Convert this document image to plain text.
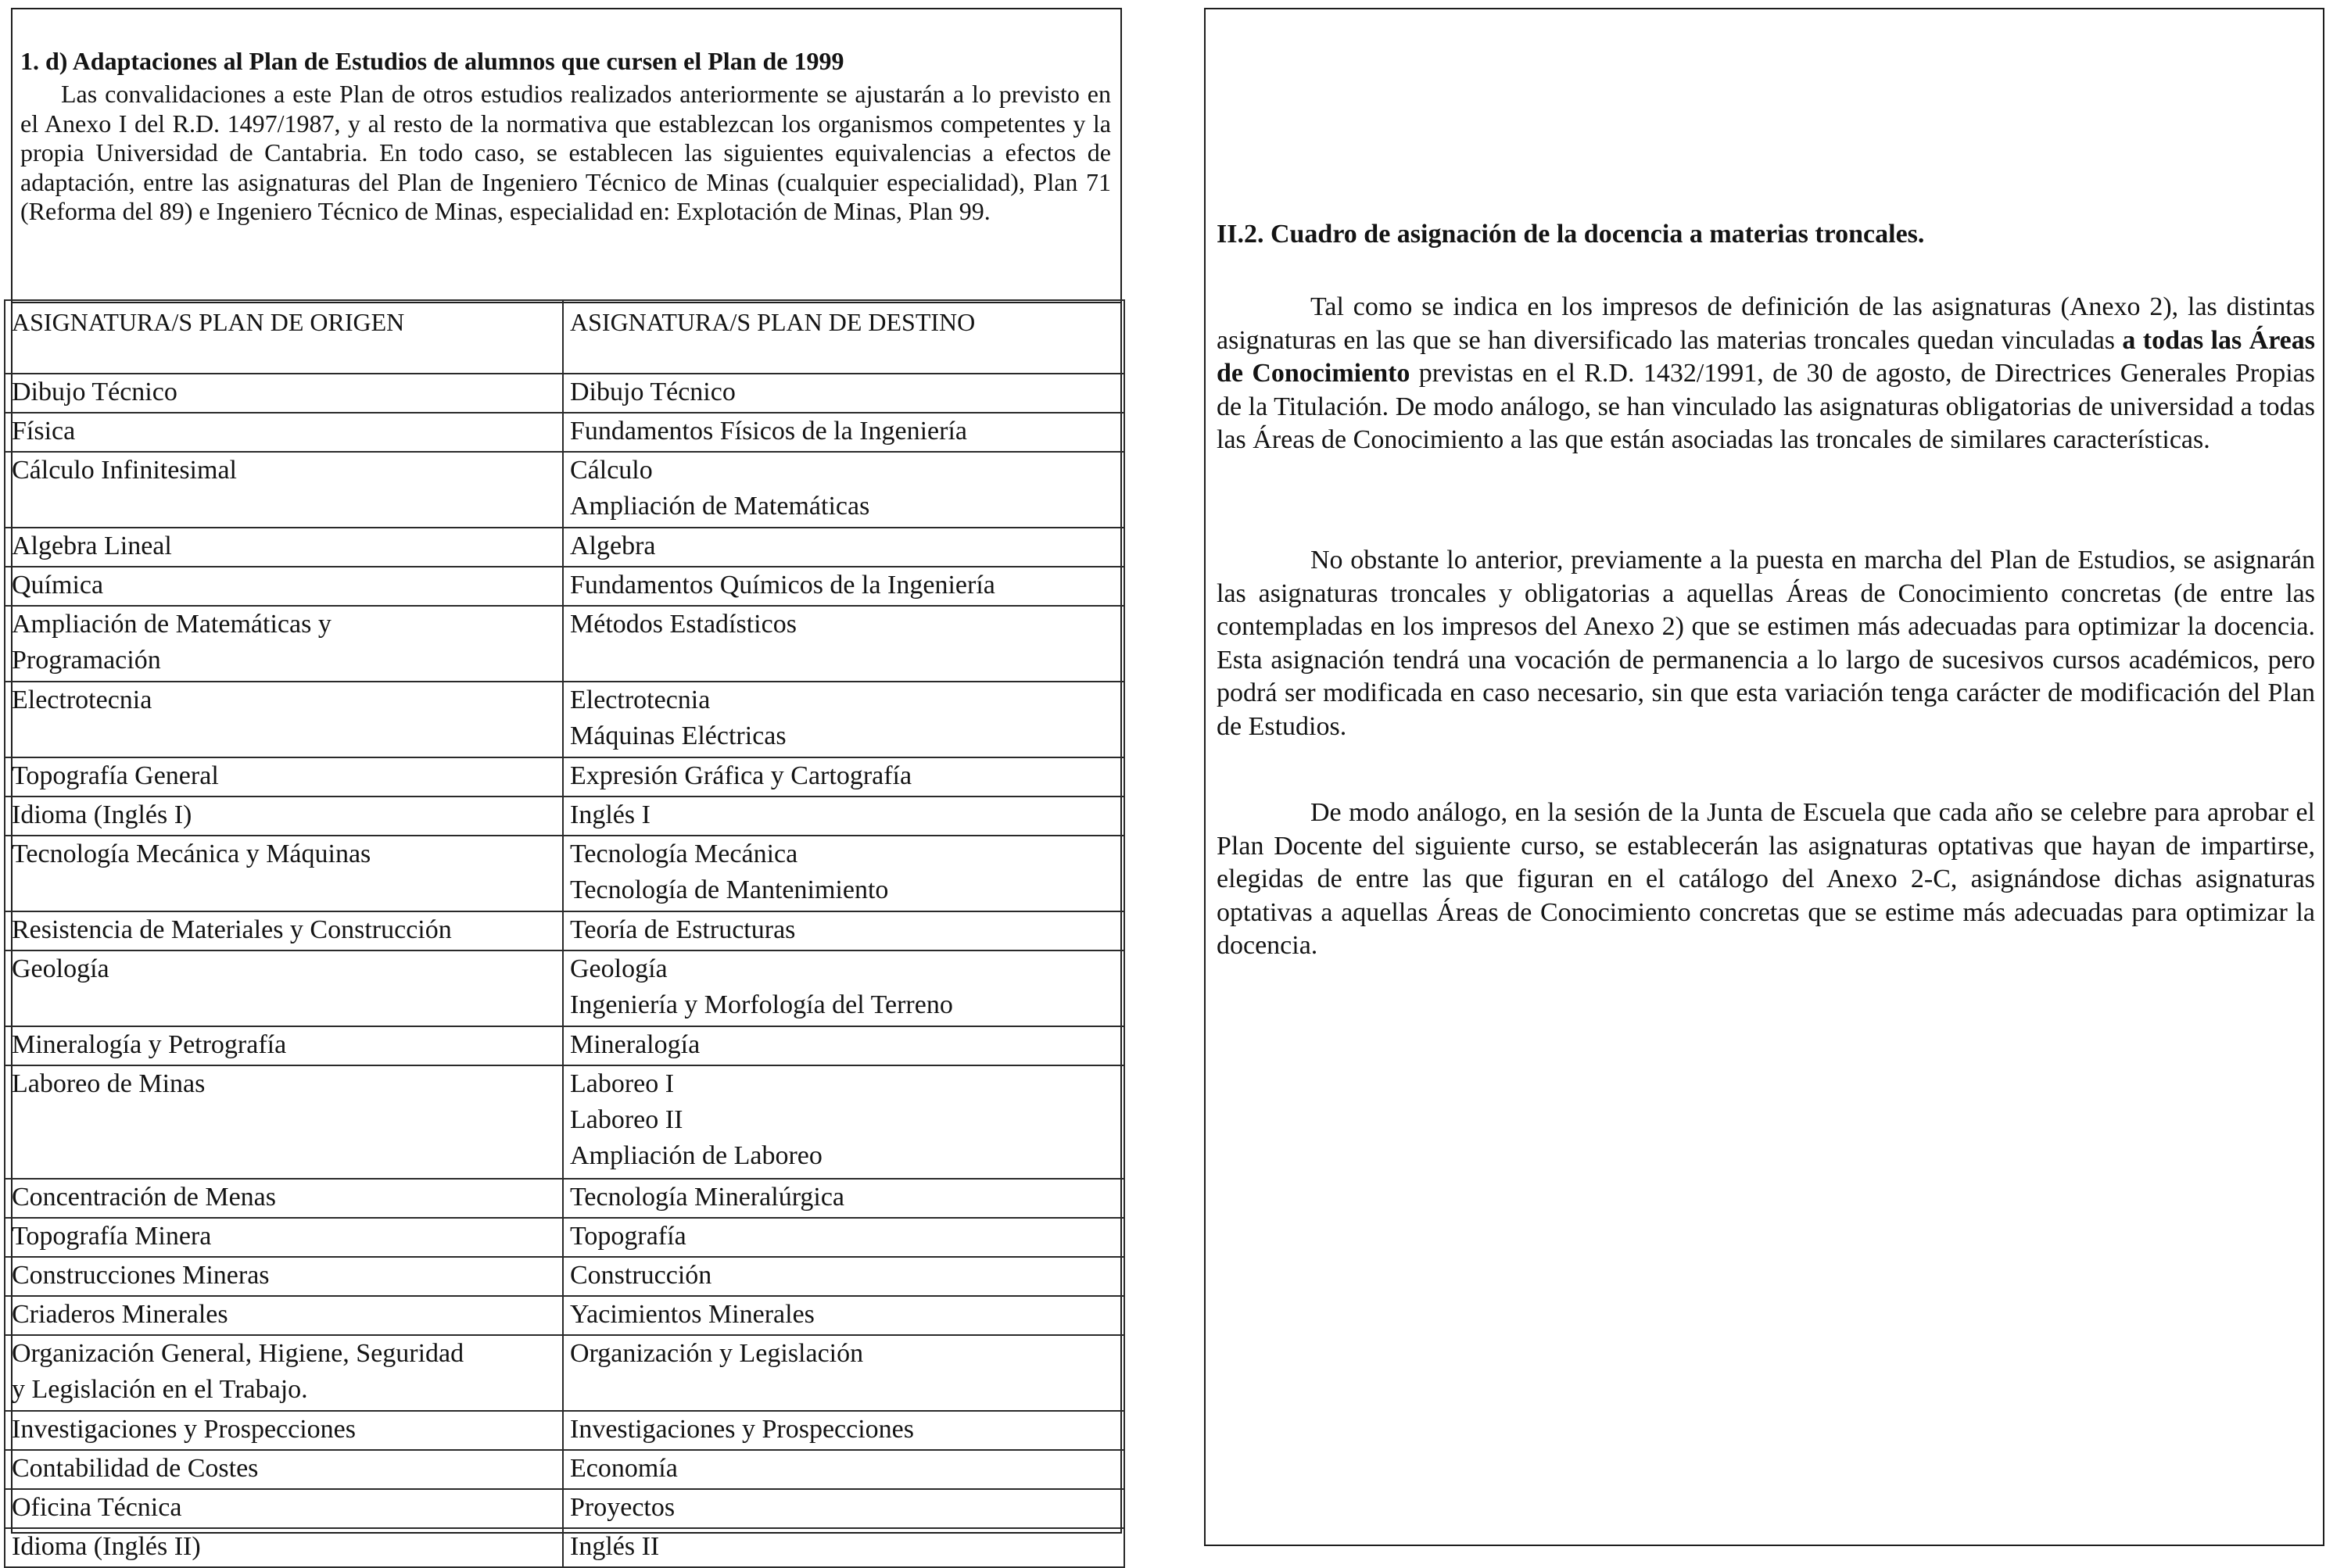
1. d) Adaptaciones al Plan de Estudios de alumnos que cursen el Plan de 1999

Las convalidaciones a este Plan de otros estudios realizados anteriormente se ajustarán a lo previsto en el Anexo I del R.D. 1497/1987, y al resto de la normativa que establezcan los organismos competentes y la propia Universidad de Cantabria. En todo caso, se establecen las siguientes equivalencias a efectos de adaptación, entre las asignaturas del Plan de Ingeniero Técnico de Minas (cualquier especialidad), Plan 71 (Reforma del 89) e Ingeniero Técnico de Minas, especialidad en: Explotación de Minas, Plan 99.

ASIGNATURA/S PLAN DE ORIGEN	ASIGNATURA/S PLAN DE DESTINO

Dibujo Técnico	Dibujo Técnico

Física	Fundamentos Físicos de la Ingeniería

Cálculo Infinitesimal	Cálculo
Ampliación de Matemáticas

Algebra Lineal	Algebra

Química	Fundamentos Químicos de la Ingeniería

Ampliación de Matemáticas y
Programación	Métodos Estadísticos

Electrotecnia	Electrotecnia
Máquinas Eléctricas

Topografía General	Expresión Gráfica y Cartografía

Idioma (Inglés I)	Inglés I

Tecnología Mecánica y Máquinas	Tecnología Mecánica
Tecnología de Mantenimiento

Resistencia de Materiales y Construcción	Teoría de Estructuras

Geología	Geología
Ingeniería y Morfología del Terreno

Mineralogía y Petrografía	Mineralogía

Laboreo de Minas	Laboreo I
Laboreo II
Ampliación de Laboreo

Concentración de Menas	Tecnología Mineralúrgica

Topografía Minera	Topografía

Construcciones Mineras	Construcción

Criaderos Minerales	Yacimientos Minerales

Organización General, Higiene, Seguridad
y Legislación en el Trabajo.	Organización y Legislación

Investigaciones y Prospecciones	Investigaciones y Prospecciones

Contabilidad de Costes	Economía

Oficina Técnica	Proyectos

Idioma (Inglés II)	Inglés II
II.2. Cuadro de asignación de la docencia a materias troncales.

Tal como se indica en los impresos de definición de las asignaturas (Anexo 2), las distintas asignaturas en las que se han diversificado las materias troncales quedan vinculadas a todas las Áreas de Conocimiento previstas en el R.D. 1432/1991, de 30 de agosto, de Directrices Generales Propias de la Titulación. De modo análogo, se han vinculado las asignaturas obligatorias de universidad a todas las Áreas de Conocimiento a las que están asociadas las troncales de similares características.

No obstante lo anterior, previamente a la puesta en marcha del Plan de Estudios, se asignarán las asignaturas troncales y obligatorias a aquellas Áreas de Conocimiento concretas (de entre las contempladas en los impresos del Anexo 2) que se estimen más adecuadas para optimizar la docencia. Esta asignación tendrá una vocación de permanencia a lo largo de sucesivos cursos académicos, pero podrá ser modificada en caso necesario, sin que esta variación tenga carácter de modificación del Plan de Estudios.

De modo análogo, en la sesión de la Junta de Escuela que cada año se celebre para aprobar el Plan Docente del siguiente curso, se establecerán las asignaturas optativas que hayan de impartirse, elegidas de entre las que figuran en el catálogo del Anexo 2-C, asignándose dichas asignaturas optativas a aquellas Áreas de Conocimiento concretas que se estime más adecuadas para optimizar la docencia.
